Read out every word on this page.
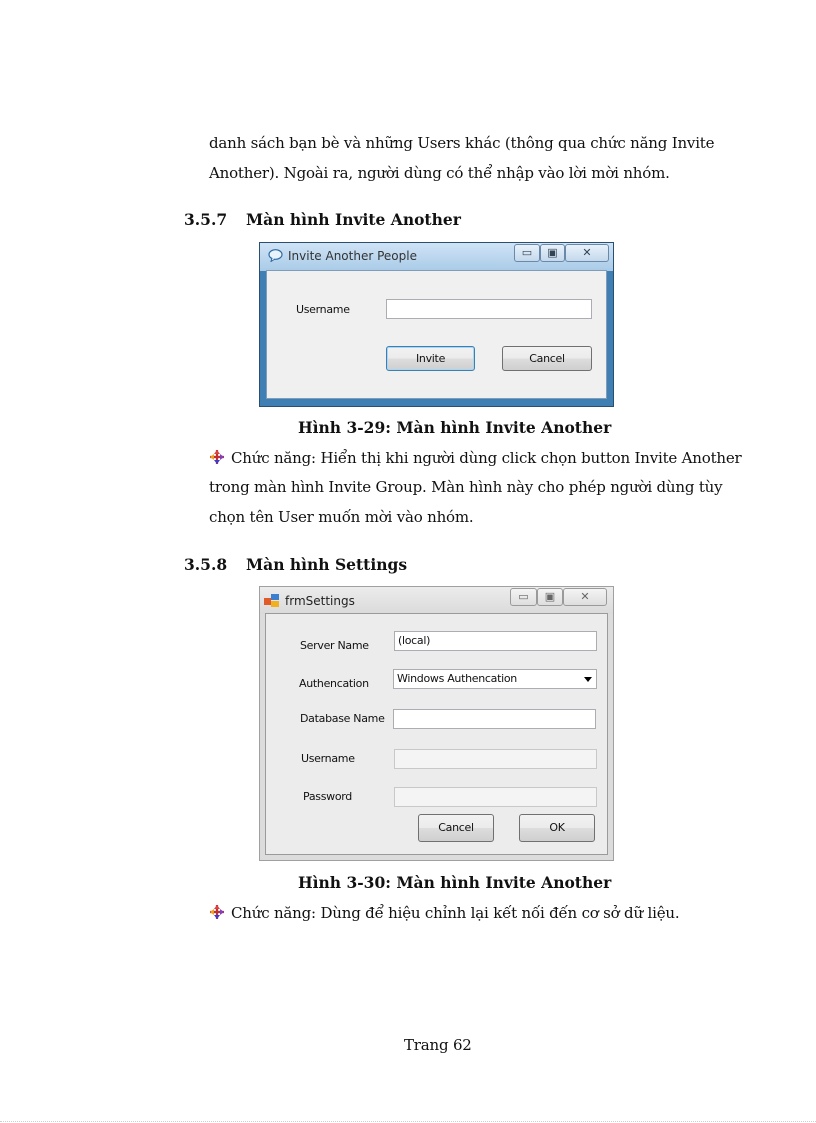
danh sách bạn bè và những Users khác (thông qua chức năng Invite
Another). Ngoài ra, người dùng có thể nhập vào lời mời nhóm.
3.5.7 Màn hình Invite Another
Invite Another People	▭	▣	✕
Username
Invite	Cancel
Hình 3-29: Màn hình Invite Another
Chức năng: Hiển thị khi người dùng click chọn button Invite Another
trong màn hình Invite Group. Màn hình này cho phép người dùng tùy
chọn tên User muốn mời vào nhóm.
3.5.8 Màn hình Settings
frmSettings	▭	▣	✕
Server Name	(local)
Authencation	Windows Authencation
Database Name
Username
Password
Cancel	OK
Hình 3-30: Màn hình Invite Another
Chức năng: Dùng để hiệu chỉnh lại kết nối đến cơ sở dữ liệu.
Trang 62
